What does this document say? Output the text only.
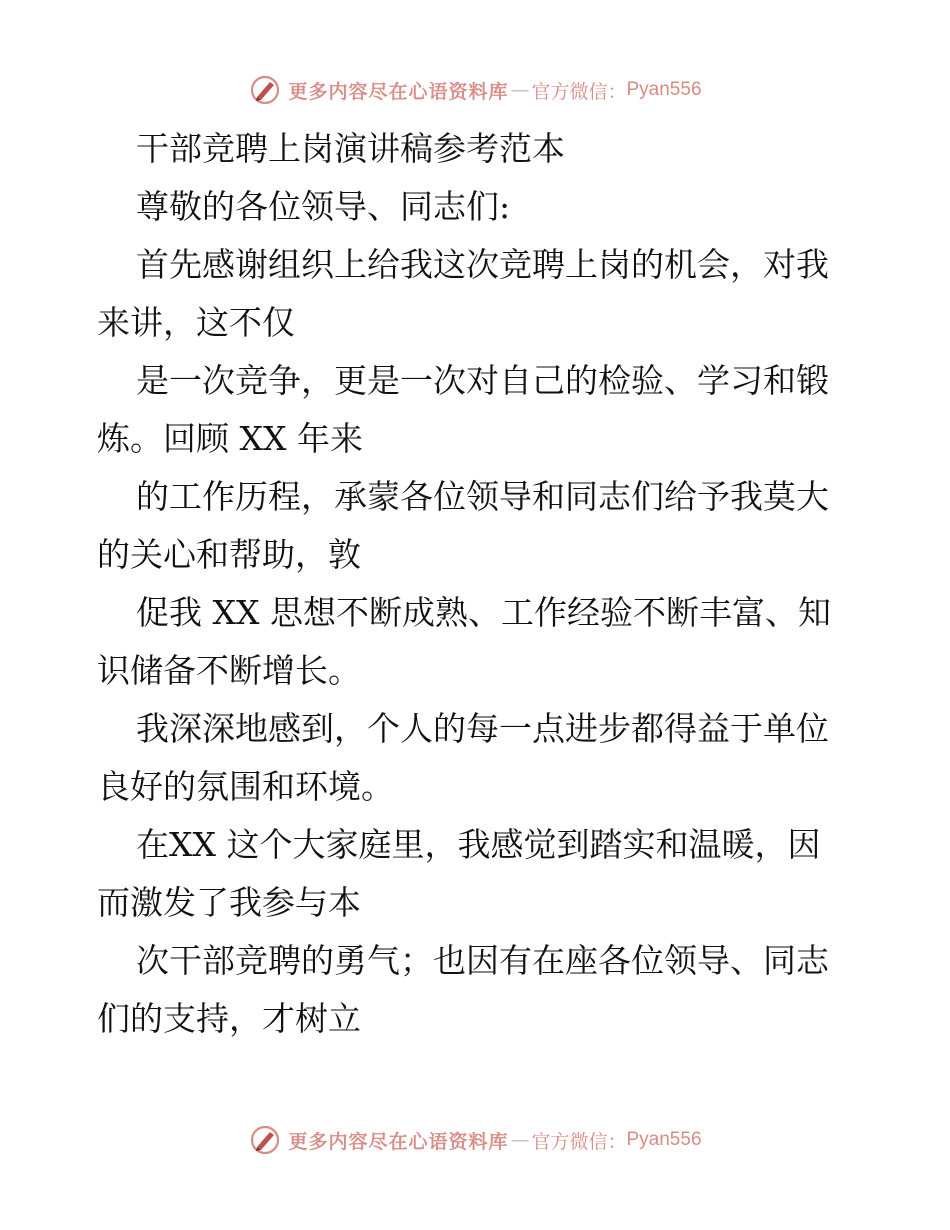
更多内容尽在心语资料库 — 官方微信： Pyan556
干部竞聘上岗演讲稿参考范本
尊敬的各位领导、同志们:
首先感谢组织上给我这次竞聘上岗的机会，对我
来讲，这不仅
是一次竞争，更是一次对自己的检验、学习和锻
炼。回顾 XX 年来
的工作历程，承蒙各位领导和同志们给予我莫大
的关心和帮助，敦
促我 XX 思想不断成熟、工作经验不断丰富、知
识储备不断增长。
我深深地感到，个人的每一点进步都得益于单位
良好的氛围和环境。
在XX 这个大家庭里，我感觉到踏实和温暖，因
而激发了我参与本
次干部竞聘的勇气；也因有在座各位领导、同志
们的支持，才树立
更多内容尽在心语资料库 — 官方微信： Pyan556
